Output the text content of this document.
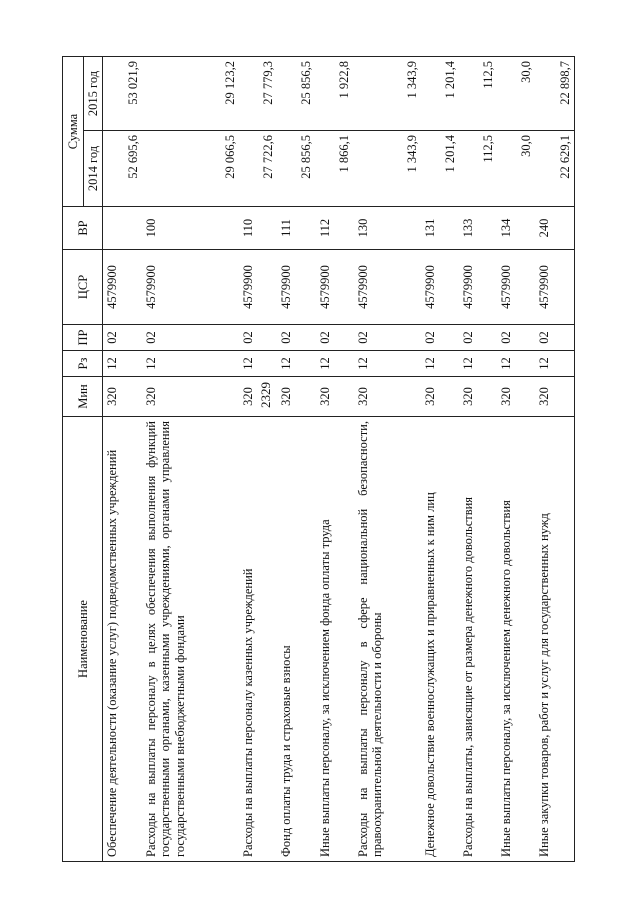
2329
Наименование	Мин	Рз	ПР	ЦСР	ВР	Сумма	
						2014 год	2015 год
Обеспечение деятельности (оказание услуг) подведомственных учреждений	320	12	02	4579900		52 695,6	53 021,9
Расходы на выплаты персоналу в целях обеспечения выполнения функций государственными органами, казенными учреждениями, органами управления государственными внебюджетными фондами	320	12	02	4579900	100	29 066,5	29 123,2
Расходы на выплаты персоналу казенных учреждений	320	12	02	4579900	110	27 722,6	27 779,3
Фонд оплаты труда и страховые взносы	320	12	02	4579900	111	25 856,5	25 856,5
Иные выплаты персоналу, за исключением фонда оплаты труда	320	12	02	4579900	112	1 866,1	1 922,8
Расходы на выплаты персоналу в сфере национальной безопасности, правоохранительной деятельности и обороны	320	12	02	4579900	130	1 343,9	1 343,9
Денежное довольствие военнослужащих и приравненных к ним лиц	320	12	02	4579900	131	1 201,4	1 201,4
Расходы на выплаты, зависящие от размера денежного довольствия	320	12	02	4579900	133	112,5	112,5
Иные выплаты персоналу, за исключением денежного довольствия	320	12	02	4579900	134	30,0	30,0
Иные закупки товаров, работ и услуг для государственных нужд	320	12	02	4579900	240	22 629,1	22 898,7
